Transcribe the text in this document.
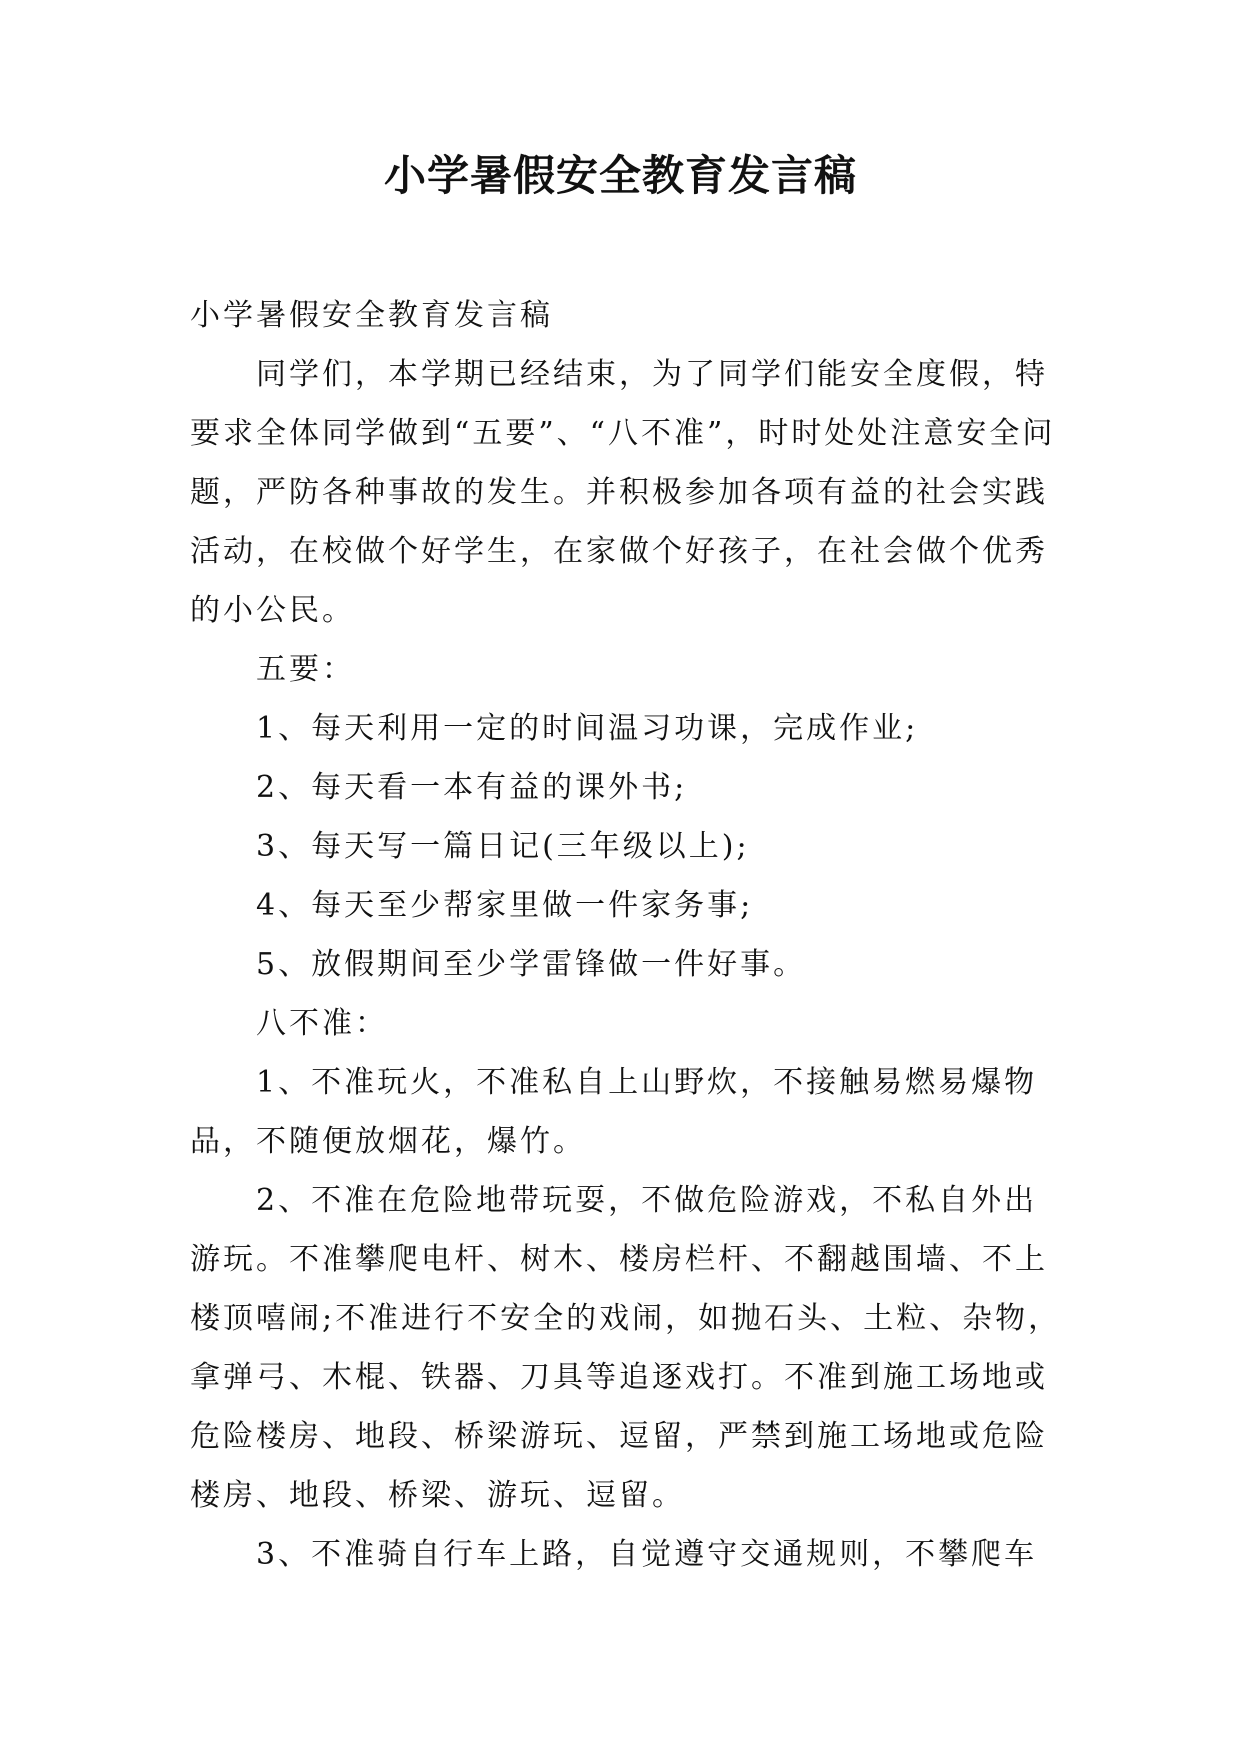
小学暑假安全教育发言稿

小学暑假安全教育发言稿

同学们，本学期已经结束，为了同学们能安全度假，特要求全体同学做到“五要”、“八不准”，时时处处注意安全问题，严防各种事故的发生。并积极参加各项有益的社会实践活动，在校做个好学生，在家做个好孩子，在社会做个优秀的小公民。

五要：

1、每天利用一定的时间温习功课，完成作业;

2、每天看一本有益的课外书;

3、每天写一篇日记(三年级以上);

4、每天至少帮家里做一件家务事;

5、放假期间至少学雷锋做一件好事。

八不准：

1、不准玩火，不准私自上山野炊，不接触易燃易爆物品，不随便放烟花，爆竹。

2、不准在危险地带玩耍，不做危险游戏，不私自外出游玩。不准攀爬电杆、树木、楼房栏杆、不翻越围墙、不上楼顶嘻闹;不准进行不安全的戏闹，如抛石头、土粒、杂物，拿弹弓、木棍、铁器、刀具等追逐戏打。不准到施工场地或危险楼房、地段、桥梁游玩、逗留，严禁到施工场地或危险楼房、地段、桥梁、游玩、逗留。

3、不准骑自行车上路，自觉遵守交通规则，不攀爬车
